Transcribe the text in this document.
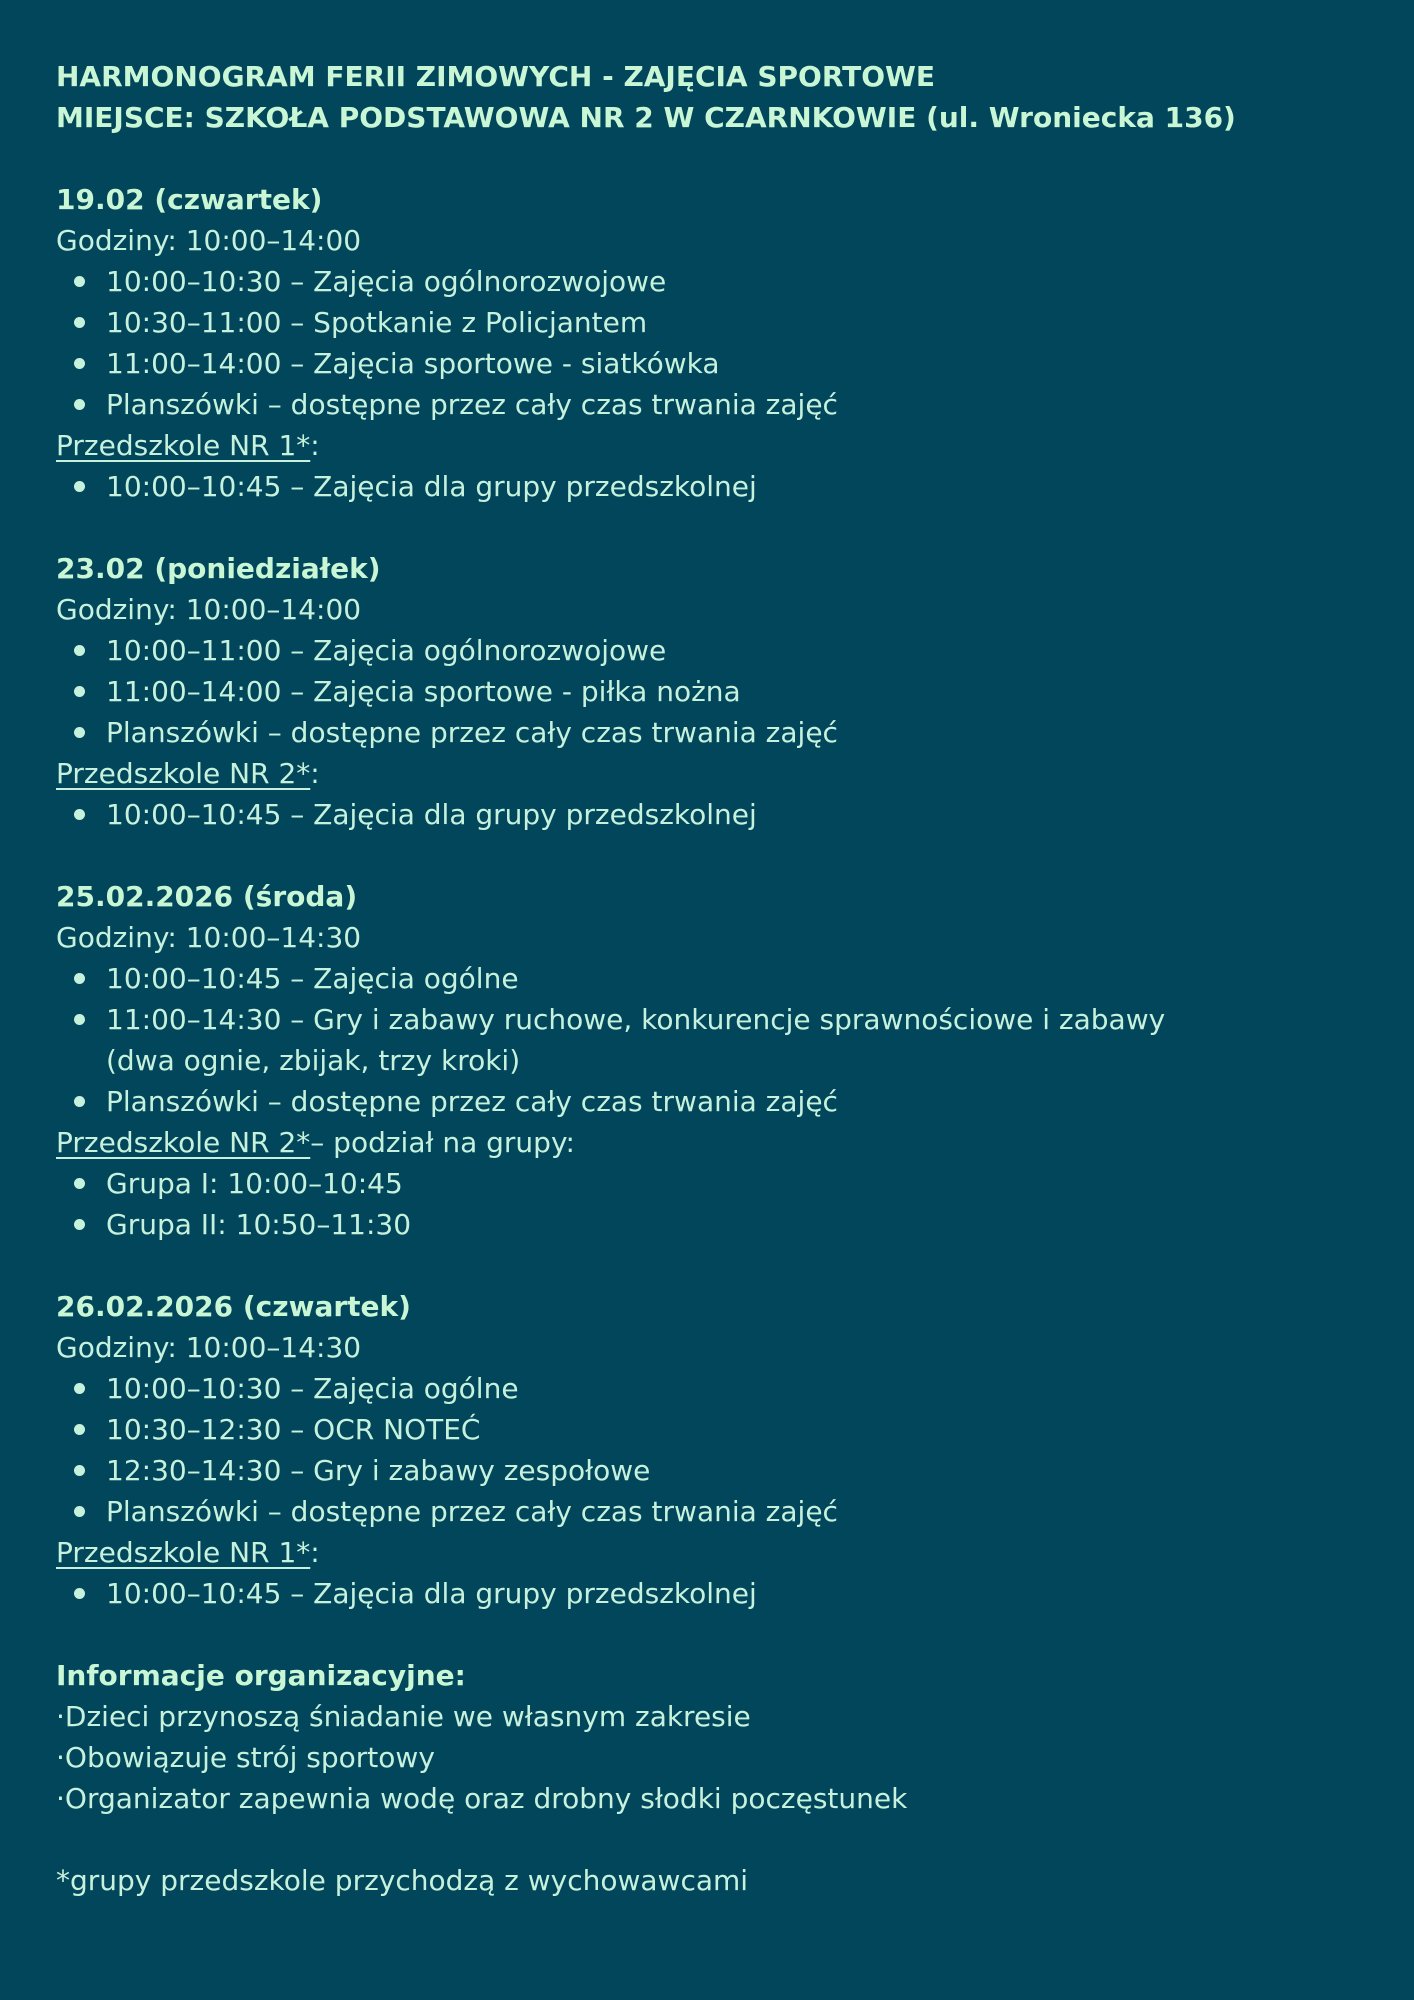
HARMONOGRAM FERII ZIMOWYCH - ZAJĘCIA SPORTOWE
MIEJSCE: SZKOŁA PODSTAWOWA NR 2 W CZARNKOWIE (ul. Wroniecka 136)
19.02 (czwartek)
Godziny: 10:00–14:00
10:00–10:30 – Zajęcia ogólnorozwojowe
10:30–11:00 – Spotkanie z Policjantem
11:00–14:00 – Zajęcia sportowe - siatkówka
Planszówki – dostępne przez cały czas trwania zajęć
Przedszkole NR 1*:
10:00–10:45 – Zajęcia dla grupy przedszkolnej
23.02 (poniedziałek)
Godziny: 10:00–14:00
10:00–11:00 – Zajęcia ogólnorozwojowe
11:00–14:00 – Zajęcia sportowe - piłka nożna
Planszówki – dostępne przez cały czas trwania zajęć
Przedszkole NR 2*:
10:00–10:45 – Zajęcia dla grupy przedszkolnej
25.02.2026 (środa)
Godziny: 10:00–14:30
10:00–10:45 – Zajęcia ogólne
11:00–14:30 – Gry i zabawy ruchowe, konkurencje sprawnościowe i zabawy (dwa ognie, zbijak, trzy kroki)
Planszówki – dostępne przez cały czas trwania zajęć
Przedszkole NR 2*– podział na grupy:
Grupa I: 10:00–10:45
Grupa II: 10:50–11:30
26.02.2026 (czwartek)
Godziny: 10:00–14:30
10:00–10:30 – Zajęcia ogólne
10:30–12:30 – OCR NOTEĆ
12:30–14:30 – Gry i zabawy zespołowe
Planszówki – dostępne przez cały czas trwania zajęć
Przedszkole NR 1*:
10:00–10:45 – Zajęcia dla grupy przedszkolnej
Informacje organizacyjne:
·Dzieci przynoszą śniadanie we własnym zakresie
·Obowiązuje strój sportowy
·Organizator zapewnia wodę oraz drobny słodki poczęstunek
*grupy przedszkole przychodzą z wychowawcami
